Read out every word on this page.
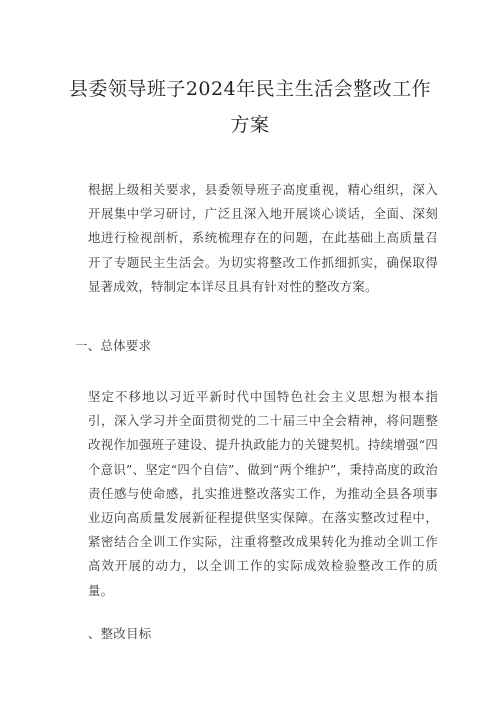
县委领导班子2024年民主生活会整改工作
方案

根据上级相关要求，县委领导班子高度重视，精心组织，深入开展集中学习研讨，广泛且深入地开展谈心谈话，全面、深刻地进行检视剖析，系统梳理存在的问题，在此基础上高质量召开了专题民主生活会。为切实将整改工作抓细抓实，确保取得显著成效，特制定本详尽且具有针对性的整改方案。

一、总体要求

坚定不移地以习近平新时代中国特色社会主义思想为根本指引，深入学习并全面贯彻党的二十届三中全会精神，将问题整改视作加强班子建设、提升执政能力的关键契机。持续增强“四个意识”、坚定“四个自信”、做到“两个维护”，秉持高度的政治责任感与使命感，扎实推进整改落实工作，为推动全县各项事业迈向高质量发展新征程提供坚实保障。在落实整改过程中，紧密结合全训工作实际，注重将整改成果转化为推动全训工作高效开展的动力，以全训工作的实际成效检验整改工作的质量。

、整改目标
